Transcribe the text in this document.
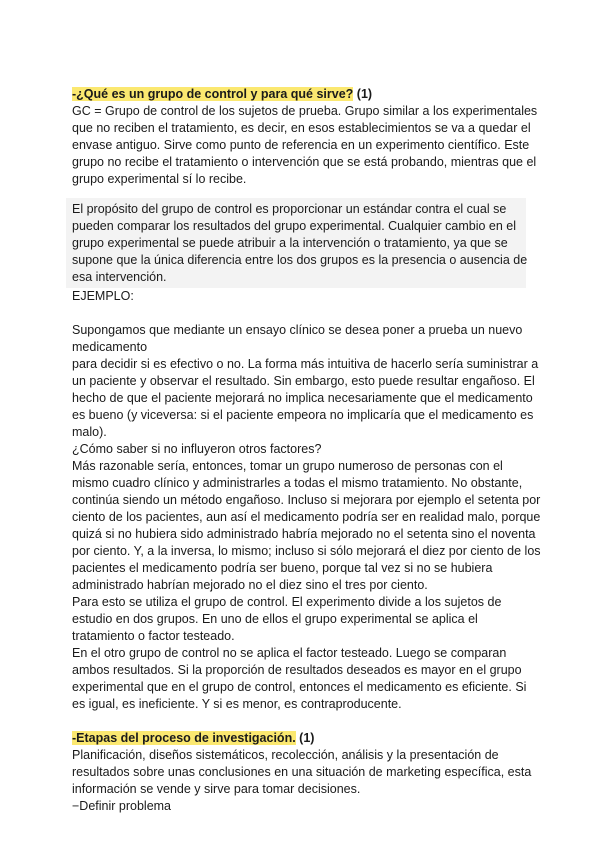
-¿Qué es un grupo de control y para qué sirve? (1)

GC = Grupo de control de los sujetos de prueba. Grupo similar a los experimentales
que no reciben el tratamiento, es decir, en esos establecimientos se va a quedar el
envase antiguo. Sirve como punto de referencia en un experimento científico. Este
grupo no recibe el tratamiento o intervención que se está probando, mientras que el
grupo experimental sí lo recibe.
El propósito del grupo de control es proporcionar un estándar contra el cual se
pueden comparar los resultados del grupo experimental. Cualquier cambio en el
grupo experimental se puede atribuir a la intervención o tratamiento, ya que se
supone que la única diferencia entre los dos grupos es la presencia o ausencia de
esa intervención.
EJEMPLO:
Supongamos que mediante un ensayo clínico se desea poner a prueba un nuevo
medicamento
para decidir si es efectivo o no. La forma más intuitiva de hacerlo sería suministrar a
un paciente y observar el resultado. Sin embargo, esto puede resultar engañoso. El
hecho de que el paciente mejorará no implica necesariamente que el medicamento
es bueno (y viceversa: si el paciente empeora no implicaría que el medicamento es
malo).
¿Cómo saber si no influyeron otros factores?
Más razonable sería, entonces, tomar un grupo numeroso de personas con el
mismo cuadro clínico y administrarles a todas el mismo tratamiento. No obstante,
continúa siendo un método engañoso. Incluso si mejorara por ejemplo el setenta por
ciento de los pacientes, aun así el medicamento podría ser en realidad malo, porque
quizá si no hubiera sido administrado habría mejorado no el setenta sino el noventa
por ciento. Y, a la inversa, lo mismo; incluso si sólo mejorará el diez por ciento de los
pacientes el medicamento podría ser bueno, porque tal vez si no se hubiera
administrado habrían mejorado no el diez sino el tres por ciento.
Para esto se utiliza el grupo de control. El experimento divide a los sujetos de
estudio en dos grupos. En uno de ellos el grupo experimental se aplica el
tratamiento o factor testeado.
En el otro grupo de control no se aplica el factor testeado. Luego se comparan
ambos resultados. Si la proporción de resultados deseados es mayor en el grupo
experimental que en el grupo de control, entonces el medicamento es eficiente. Si
es igual, es ineficiente. Y si es menor, es contraproducente.

-Etapas del proceso de investigación. (1)

Planificación, diseños sistemáticos, recolección, análisis y la presentación de
resultados sobre unas conclusiones en una situación de marketing específica, esta
información se vende y sirve para tomar decisiones.
−Definir problema
